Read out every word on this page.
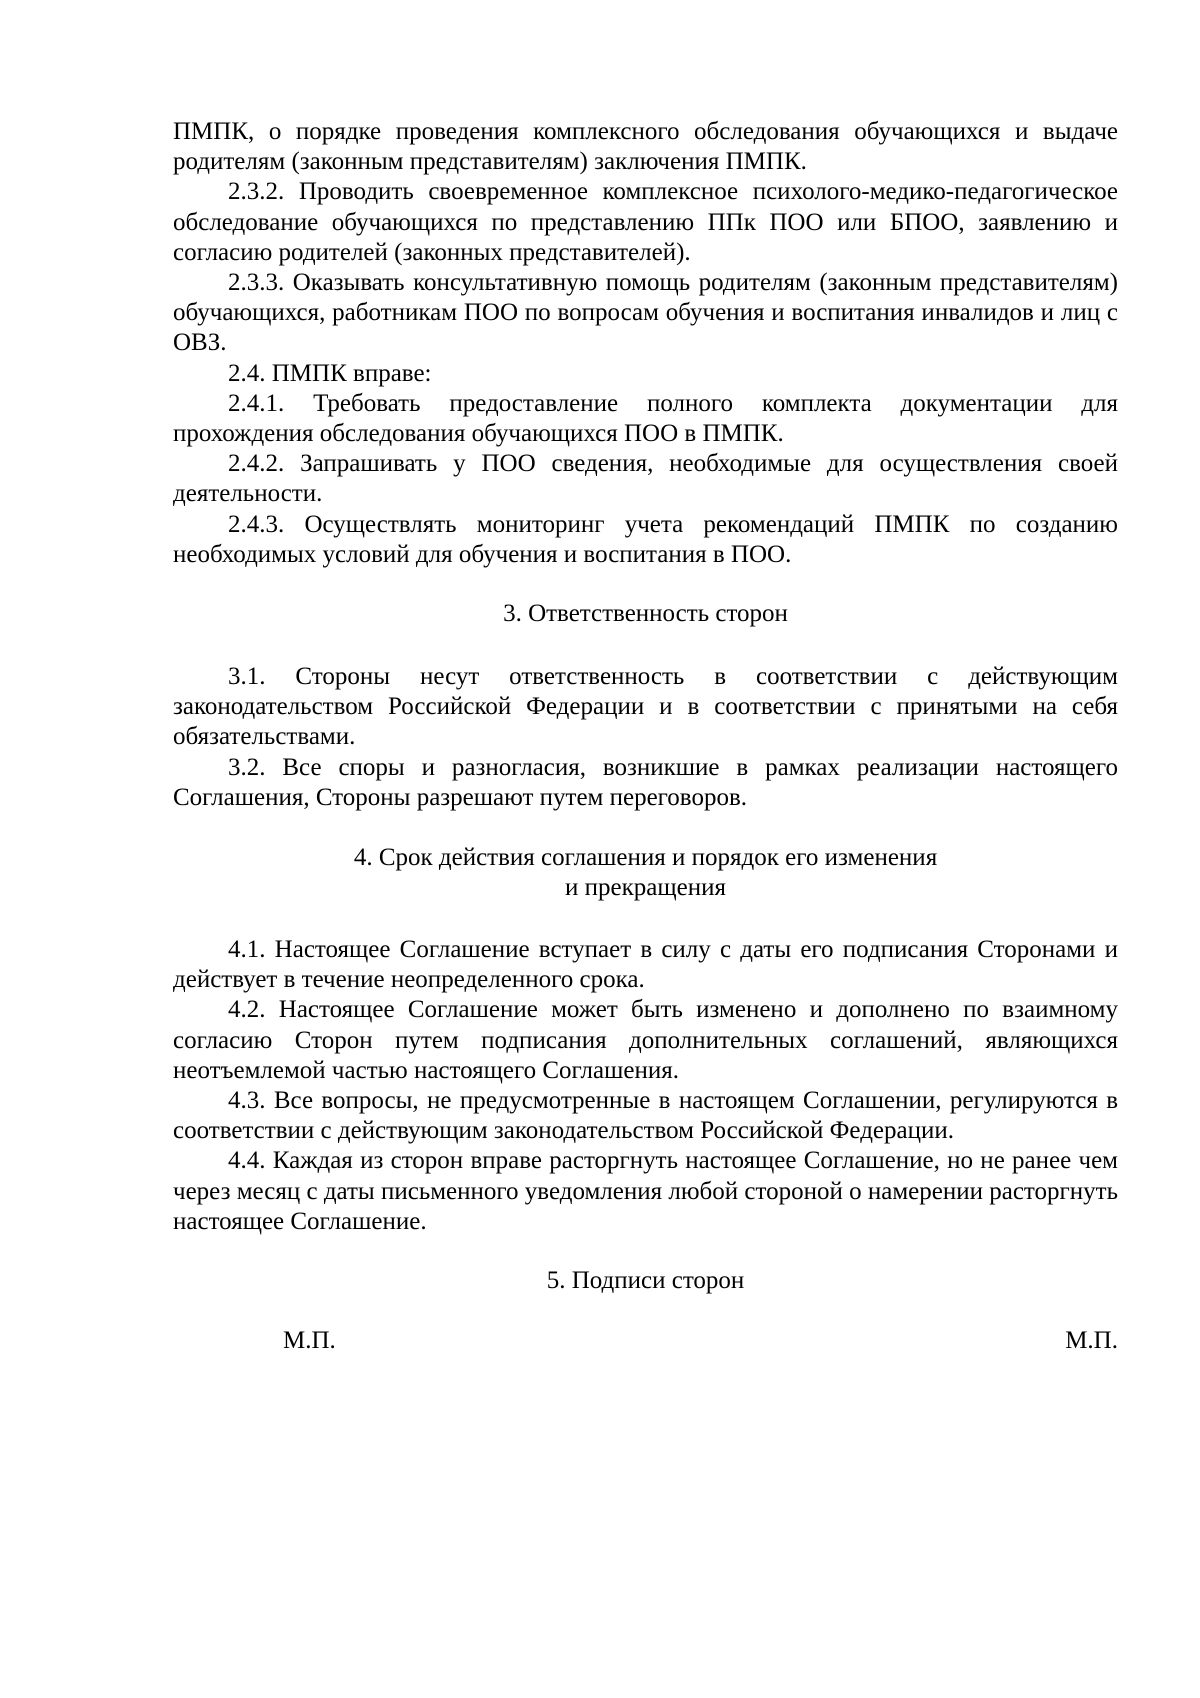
ПМПК, о порядке проведения комплексного обследования обучающихся и выдаче родителям (законным представителям) заключения ПМПК.

2.3.2. Проводить своевременное комплексное психолого-медико-педагогическое обследование обучающихся по представлению ППк ПОО или БПОО, заявлению и согласию родителей (законных представителей).

2.3.3. Оказывать консультативную помощь родителям (законным представителям) обучающихся, работникам ПОО по вопросам обучения и воспитания инвалидов и лиц с ОВЗ.

2.4. ПМПК вправе:

2.4.1. Требовать предоставление полного комплекта документации для прохождения обследования обучающихся ПОО в ПМПК.

2.4.2. Запрашивать у ПОО сведения, необходимые для осуществления своей деятельности.

2.4.3. Осуществлять мониторинг учета рекомендаций ПМПК по созданию необходимых условий для обучения и воспитания в ПОО.

3. Ответственность сторон

3.1. Стороны несут ответственность в соответствии с действующим законодательством Российской Федерации и в соответствии с принятыми на себя обязательствами.

3.2. Все споры и разногласия, возникшие в рамках реализации настоящего Соглашения, Стороны разрешают путем переговоров.

4. Срок действия соглашения и порядок его изменения
и прекращения

4.1. Настоящее Соглашение вступает в силу с даты его подписания Сторонами и действует в течение неопределенного срока.

4.2. Настоящее Соглашение может быть изменено и дополнено по взаимному согласию Сторон путем подписания дополнительных соглашений, являющихся неотъемлемой частью настоящего Соглашения.

4.3. Все вопросы, не предусмотренные в настоящем Соглашении, регулируются в соответствии с действующим законодательством Российской Федерации.

4.4. Каждая из сторон вправе расторгнуть настоящее Соглашение, но не ранее чем через месяц с даты письменного уведомления любой стороной о намерении расторгнуть настоящее Соглашение.

5. Подписи сторон

М.П.	М.П.
